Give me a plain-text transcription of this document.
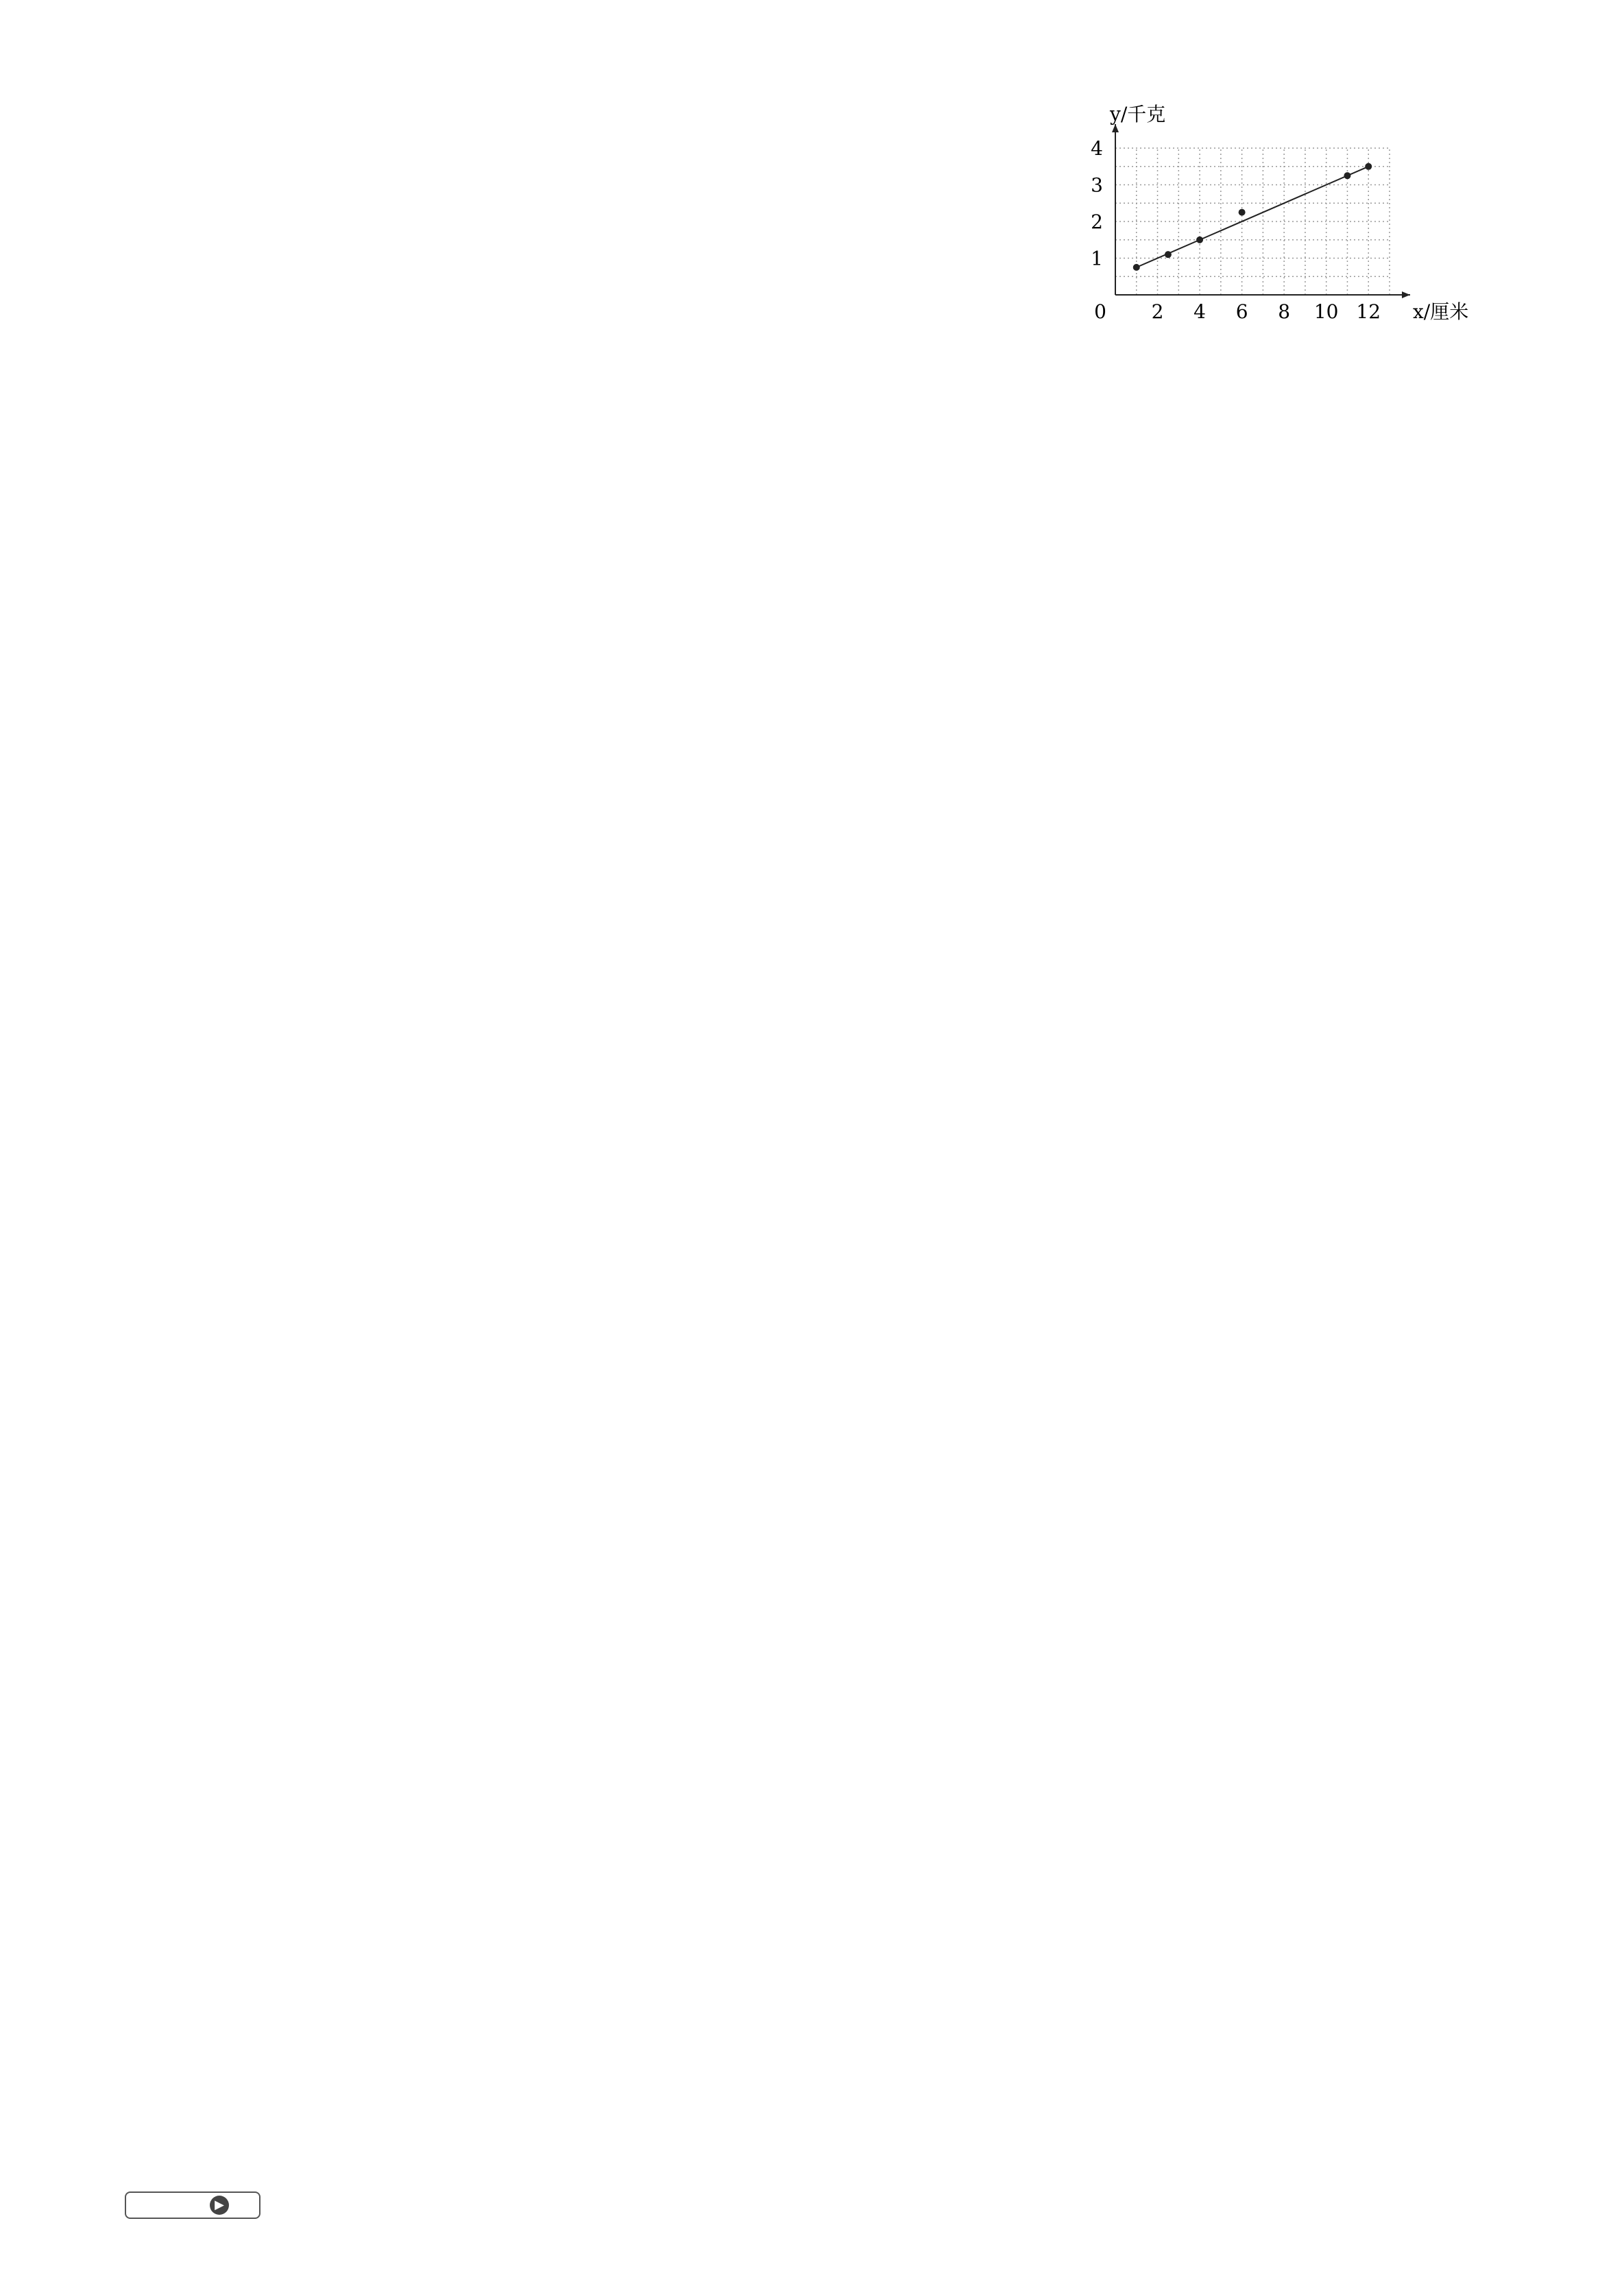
0 2 4 6 8 10 12
1
2
3
4
x/厘米
y/千克

▶
